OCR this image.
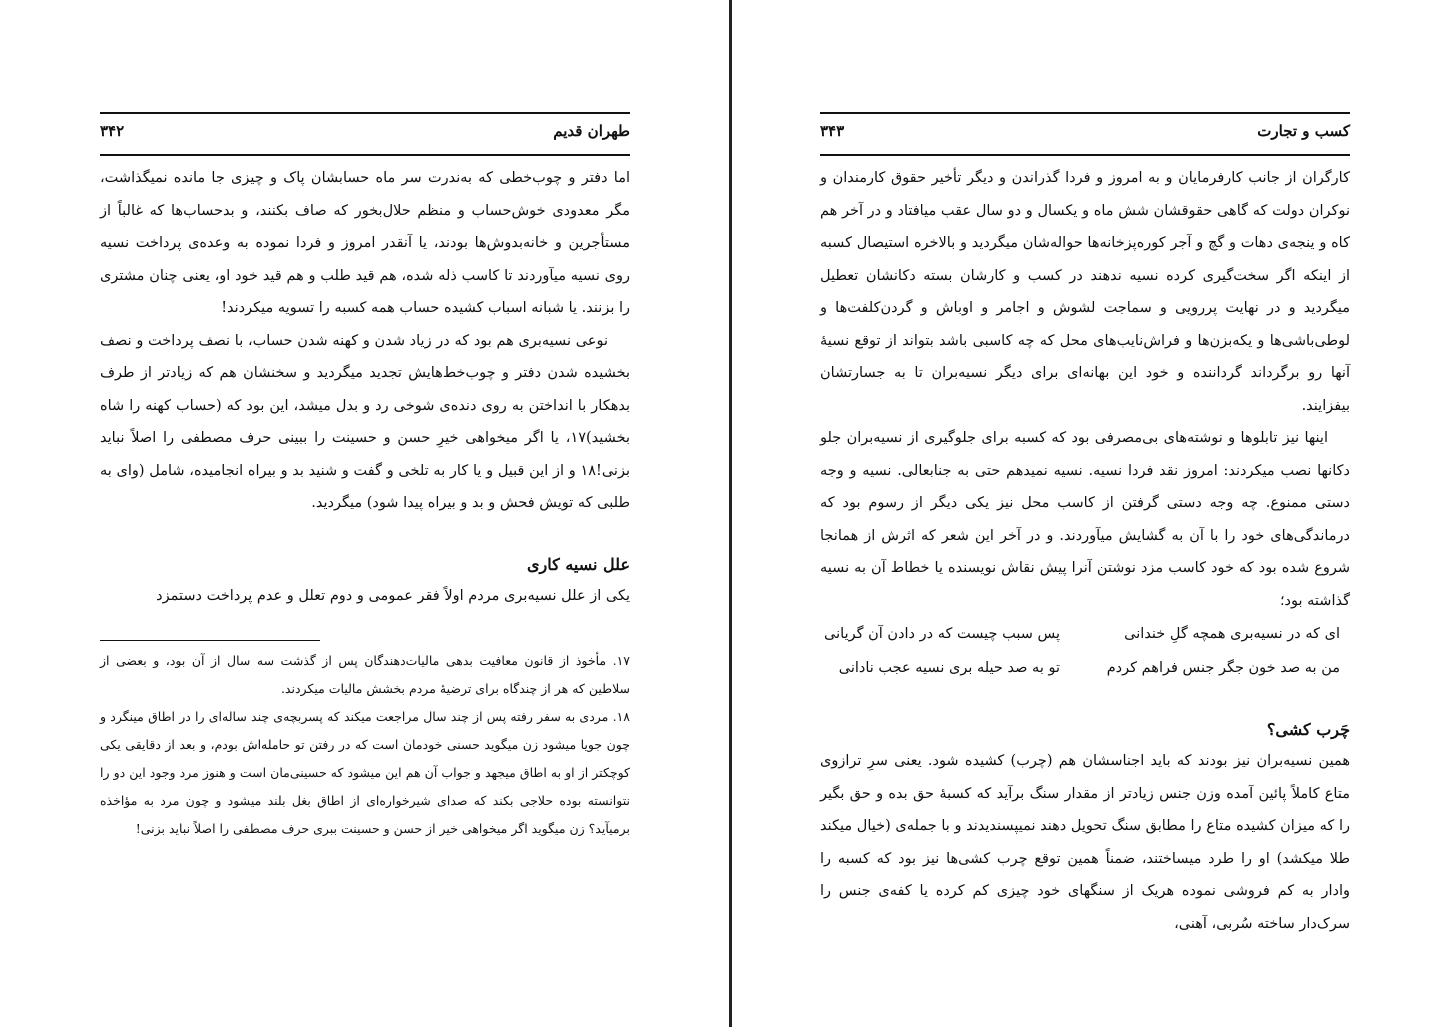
طهران قدیم
۳۴۲

اما دفتر و چوب‌خطی که به‌ندرت سر ماه حسابشان پاک و چیزی جا مانده نمیگذاشت، مگر معدودی خوش‌حساب و منظم حلال‌بخور که صاف بکنند، و بدحساب‌ها که غالباً از مستأجرین و خانه‌بدوش‌ها بودند، یا آنقدر امروز و فردا نموده به وعده‌ی پرداخت نسیه روی نسیه میآوردند تا کاسب ذله شده، هم قید طلب و هم قید خود او، یعنی چنان مشتری را بزنند. یا شبانه اسباب کشیده حساب همه کسبه را تسویه میکردند!

نوعی نسیه‌بری هم بود که در زیاد شدن و کهنه شدن حساب، با نصف پرداخت و نصف بخشیده شدن دفتر و چوب‌خط‌هایش تجدید میگردید و سخنشان هم که زیادتر از طرف بدهکار با انداختن به روی دنده‌ی شوخی رد و بدل میشد، این بود که (حساب کهنه را شاه بخشید)۱۷، یا اگر میخواهی خیرِ حسن و حسینت را ببینی حرف مصطفی را اصلاً نباید بزنی!۱۸ و از این قبیل و یا کار به تلخی و گفت و شنید بد و بیراه انجامیده، شامل (وای به طلبی که تویش فحش و بد و بیراه پیدا شود) میگردید.

علل نسیه کاری

یکی از علل نسیه‌بری مردم اولاً فقر عمومی و دوم تعلل و عدم پرداخت دستمزد

۱۷. مأخوذ از قانون معافیت بدهی مالیات‌دهندگان پس از گذشت سه سال از آن بود، و بعضی از سلاطین که هر از چندگاه برای ترضیهٔ مردم بخشش مالیات میکردند.

۱۸. مردی به سفر رفته پس از چند سال مراجعت میکند که پسربچه‌ی چند ساله‌ای را در اطاق مینگرد و چون جویا میشود زن میگوید حسنی خودمان است که در رفتن تو حامله‌اش بودم، و بعد از دقایقی یکی کوچکتر از او به اطاق میجهد و جواب آن هم این میشود که حسینی‌مان است و هنوز مرد وجود این دو را نتوانسته بوده حلاجی بکند که صدای شیرخواره‌ای از اطاق بغل بلند میشود و چون مرد به مؤاخذه برمیآید؟ زن میگوید اگر میخواهی خیر از حسن و حسینت ببری حرف مصطفی را اصلاً نباید بزنی!

کسب و تجارت
۳۴۳

کارگران از جانب کارفرمایان و به امروز و فردا گذراندن و دیگر تأخیر حقوق کارمندان و نوکران دولت که گاهی حقوقشان شش ماه و یکسال و دو سال عقب میافتاد و در آخر هم کاه و ینجه‌ی دهات و گچ و آجر کوره‌پزخانه‌ها حواله‌شان میگردید و بالاخره استیصال کسبه از اینکه اگر سخت‌گیری کرده نسیه ندهند در کسب و کارشان بسته دکانشان تعطیل میگردید و در نهایت پررویی و سماجت لشوش و اجامر و اوباش و گردن‌کلفت‌ها و لوطی‌باشی‌ها و یکه‌بزن‌ها و فراش‌نایب‌های محل که چه کاسبی باشد بتواند از توقع نسیهٔ آنها رو برگرداند گرداننده و خود این بهانه‌ای برای دیگر نسیه‌بران تا به جسارتشان بیفزایند.

اینها نیز تابلوها و نوشته‌های بی‌مصرفی بود که کسبه برای جلوگیری از نسیه‌بران جلو دکانها نصب میکردند: امروز نقد فردا نسیه. نسیه نمیدهم حتی به جنابعالی. نسیه و وجه دستی ممنوع. چه وجه دستی گرفتن از کاسب محل نیز یکی دیگر از رسوم بود که درماندگی‌های خود را با آن به گشایش میآوردند. و در آخر این شعر که اثرش از همانجا شروع شده بود که خود کاسب مزد نوشتن آنرا پیش نقاش نویسنده یا خطاط آن به نسیه گذاشته بود؛

ای که در نسیه‌بری همچه گلِ خندانی
پس سبب چیست که در دادن آن گریانی
من به صد خون جگر جنس فراهم کردم
تو به صد حیله بری نسیه عجب نادانی
چَرب کشی؟

همین نسیه‌بران نیز بودند که باید اجناسشان هم (چرب) کشیده شود. یعنی سرِ ترازوی متاع کاملاً پائین آمده وزن جنس زیادتر از مقدار سنگ برآید که کسبهٔ حق بده و حق بگیر را که میزان کشیده متاع را مطابق سنگ تحویل دهند نمیپسندیدند و با جمله‌ی (خیال میکند طلا میکشد) او را طرد میساختند، ضمناً همین توقع چرب کشی‌ها نیز بود که کسبه را وادار به کم فروشی نموده هریک از سنگهای خود چیزی کم کرده یا کفه‌ی جنس را سرک‌دار ساخته سُربی، آهنی،
